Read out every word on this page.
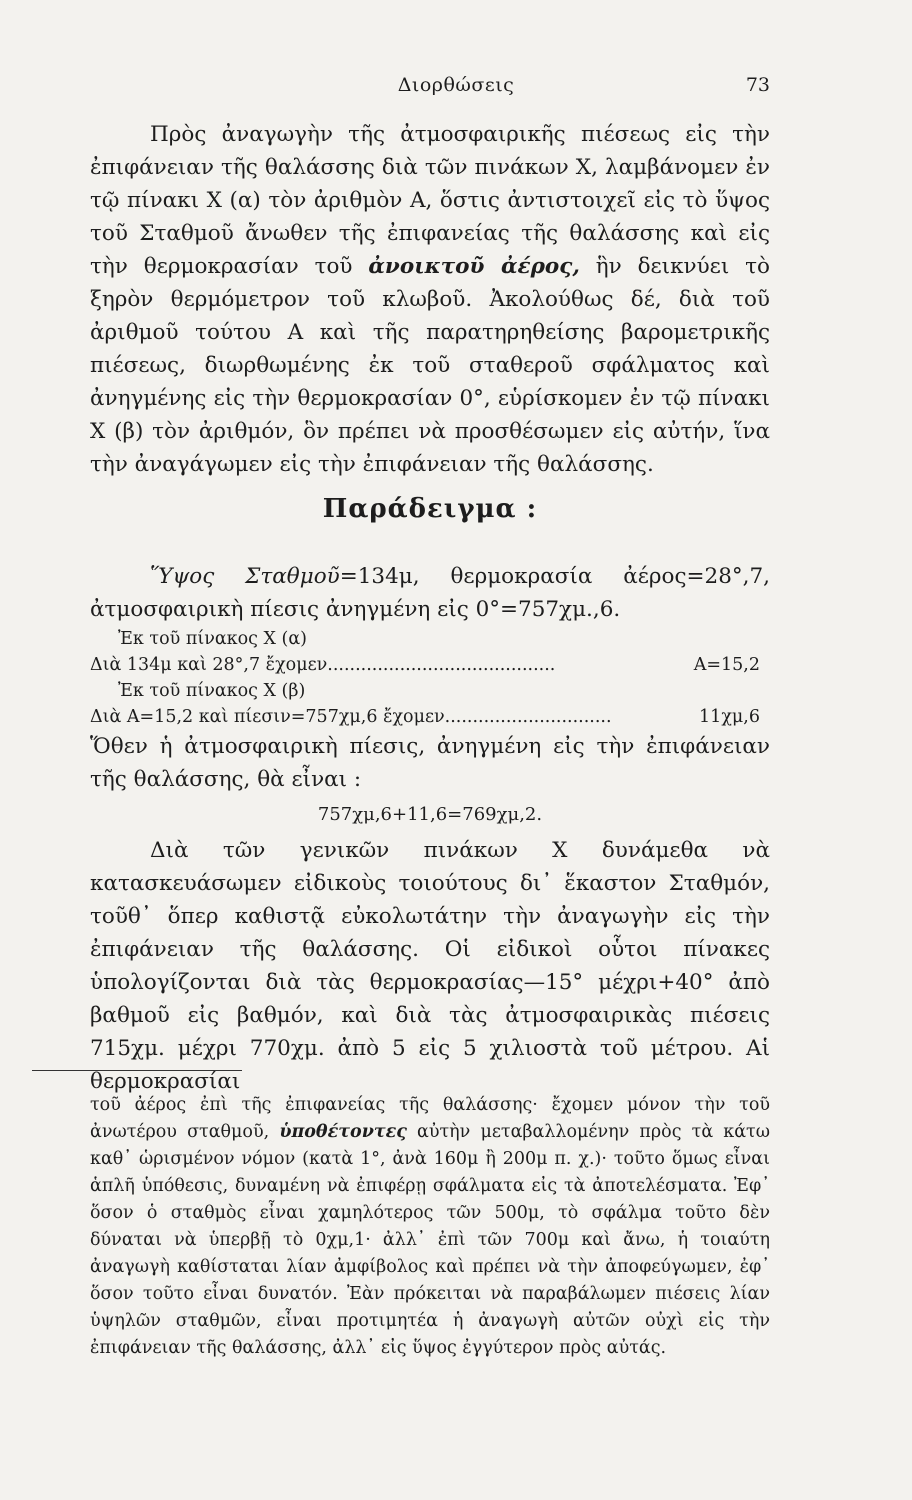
Διορθώσεις	73

Πρὸς ἀναγωγὴν τῆς ἀτμοσφαιρικῆς πιέσεως εἰς τὴν ἐπιφάνειαν τῆς θαλάσσης διὰ τῶν πινάκων Χ, λαμβάνομεν ἐν τῷ πίνακι Χ (α) τὸν ἀριθμὸν Α, ὅστις ἀντιστοιχεῖ εἰς τὸ ὕψος τοῦ Σταθμοῦ ἄνωθεν τῆς ἐπιφανείας τῆς θαλάσσης καὶ εἰς τὴν θερμοκρασίαν τοῦ ἀνοικτοῦ ἀέρος, ἣν δεικνύει τὸ ξηρὸν θερμόμετρον τοῦ κλωβοῦ. Ἀκολούθως δέ, διὰ τοῦ ἀριθμοῦ τούτου Α καὶ τῆς παρατηρηθείσης βαρομετρικῆς πιέσεως, διωρθωμένης ἐκ τοῦ σταθεροῦ σφάλματος καὶ ἀνηγμένης εἰς τὴν θερμοκρασίαν 0°, εὑρίσκομεν ἐν τῷ πίνακι Χ (β) τὸν ἀριθμόν, ὃν πρέπει νὰ προσθέσωμεν εἰς αὐτήν, ἵνα τὴν ἀναγάγωμεν εἰς τὴν ἐπιφάνειαν τῆς θαλάσσης.

Παράδειγμα :

Ὕψος Σταθμοῦ=134μ, θερμοκρασία ἀέρος=28°,7, ἀτμοσφαιρικὴ πίεσις ἀνηγμένη εἰς 0°=757χμ.,6.

Ἐκ τοῦ πίνακος Χ (α)
Διὰ 134μ καὶ 28°,7 ἔχομεν.........................................	Α=15,2
Ἐκ τοῦ πίνακος Χ (β)
Διὰ Α=15,2 καὶ πίεσιν=757χμ,6 ἔχομεν..............................	11χμ,6

Ὅθεν ἡ ἀτμοσφαιρικὴ πίεσις, ἀνηγμένη εἰς τὴν ἐπιφάνειαν τῆς θαλάσσης, θὰ εἶναι :

757χμ,6+11,6=769χμ,2.

Διὰ τῶν γενικῶν πινάκων Χ δυνάμεθα νὰ κατασκευάσωμεν εἰδικοὺς τοιούτους δι᾽ ἕκαστον Σταθμόν, τοῦθ᾽ ὅπερ καθιστᾷ εὐκολωτάτην τὴν ἀναγωγὴν εἰς τὴν ἐπιφάνειαν τῆς θαλάσσης. Οἱ εἰδικοὶ οὗτοι πίνακες ὑπολογίζονται διὰ τὰς θερμοκρασίας—15° μέχρι+40° ἀπὸ βαθμοῦ εἰς βαθμόν, καὶ διὰ τὰς ἀτμοσφαιρικὰς πιέσεις 715χμ. μέχρι 770χμ. ἀπὸ 5 εἰς 5 χιλιοστὰ τοῦ μέτρου. Αἱ θερμοκρασίαι

τοῦ ἀέρος ἐπὶ τῆς ἐπιφανείας τῆς θαλάσσης· ἔχομεν μόνον τὴν τοῦ ἀνωτέρου σταθμοῦ, ὑποθέτοντες αὐτὴν μεταβαλλομένην πρὸς τὰ κάτω καθ᾽ ὡρισμένον νόμον (κατὰ 1°, ἀνὰ 160μ ἢ 200μ π. χ.)· τοῦτο ὅμως εἶναι ἁπλῆ ὑπόθεσις, δυναμένη νὰ ἐπιφέρῃ σφάλματα εἰς τὰ ἀποτελέσματα. Ἐφ᾽ ὅσον ὁ σταθμὸς εἶναι χαμηλότερος τῶν 500μ, τὸ σφάλμα τοῦτο δὲν δύναται νὰ ὑπερβῇ τὸ 0χμ,1· ἀλλ᾽ ἐπὶ τῶν 700μ καὶ ἄνω, ἡ τοιαύτη ἀναγωγὴ καθίσταται λίαν ἀμφίβολος καὶ πρέπει νὰ τὴν ἀποφεύγωμεν, ἐφ᾽ ὅσον τοῦτο εἶναι δυνατόν. Ἐὰν πρόκειται νὰ παραβάλωμεν πιέσεις λίαν ὑψηλῶν σταθμῶν, εἶναι προτιμητέα ἡ ἀναγωγὴ αὐτῶν οὐχὶ εἰς τὴν ἐπιφάνειαν τῆς θαλάσσης, ἀλλ᾽ εἰς ὕψος ἐγγύτερον πρὸς αὐτάς.
